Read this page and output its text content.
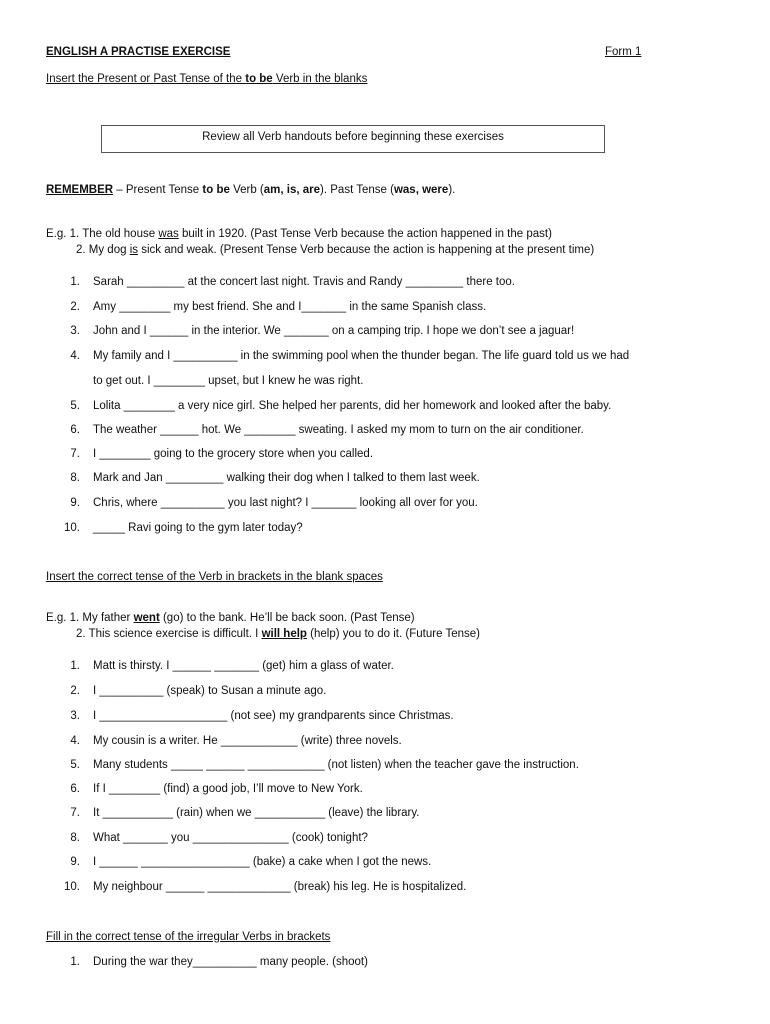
ENGLISH A PRACTISE EXERCISE	Form 1
Insert the Present or Past Tense of the to be Verb in the blanks
Review all Verb handouts before beginning these exercises
REMEMBER – Present Tense to be Verb (am, is, are). Past Tense (was, were).
E.g. 1. The old house was built in 1920. (Past Tense Verb because the action happened in the past)
2. My dog is sick and weak. (Present Tense Verb because the action is happening at the present time)
1. Sarah _________ at the concert last night. Travis and Randy _________ there too.
2. Amy ________ my best friend. She and I_______ in the same Spanish class.
3. John and I ______ in the interior. We _______ on a camping trip. I hope we don’t see a jaguar!
4. My family and I __________ in the swimming pool when the thunder began. The life guard told us we had
to get out. I ________ upset, but I knew he was right.
5. Lolita ________ a very nice girl. She helped her parents, did her homework and looked after the baby.
6. The weather ______ hot. We ________ sweating. I asked my mom to turn on the air conditioner.
7. I ________ going to the grocery store when you called.
8. Mark and Jan _________ walking their dog when I talked to them last week.
9. Chris, where __________ you last night? I _______ looking all over for you.
10. _____ Ravi going to the gym later today?
Insert the correct tense of the Verb in brackets in the blank spaces
E.g. 1. My father went (go) to the bank. He’ll be back soon. (Past Tense)
2. This science exercise is difficult. I will help (help) you to do it. (Future Tense)
1. Matt is thirsty. I ______ _______ (get) him a glass of water.
2. I __________ (speak) to Susan a minute ago.
3. I ____________________ (not see) my grandparents since Christmas.
4. My cousin is a writer. He ____________ (write) three novels.
5. Many students _____ ______ ____________ (not listen) when the teacher gave the instruction.
6. If I ________ (find) a good job, I’ll move to New York.
7. It ___________ (rain) when we ___________ (leave) the library.
8. What _______ you _______________ (cook) tonight?
9. I ______ _________________ (bake) a cake when I got the news.
10. My neighbour ______ _____________ (break) his leg. He is hospitalized.
Fill in the correct tense of the irregular Verbs in brackets
1. During the war they__________ many people. (shoot)
